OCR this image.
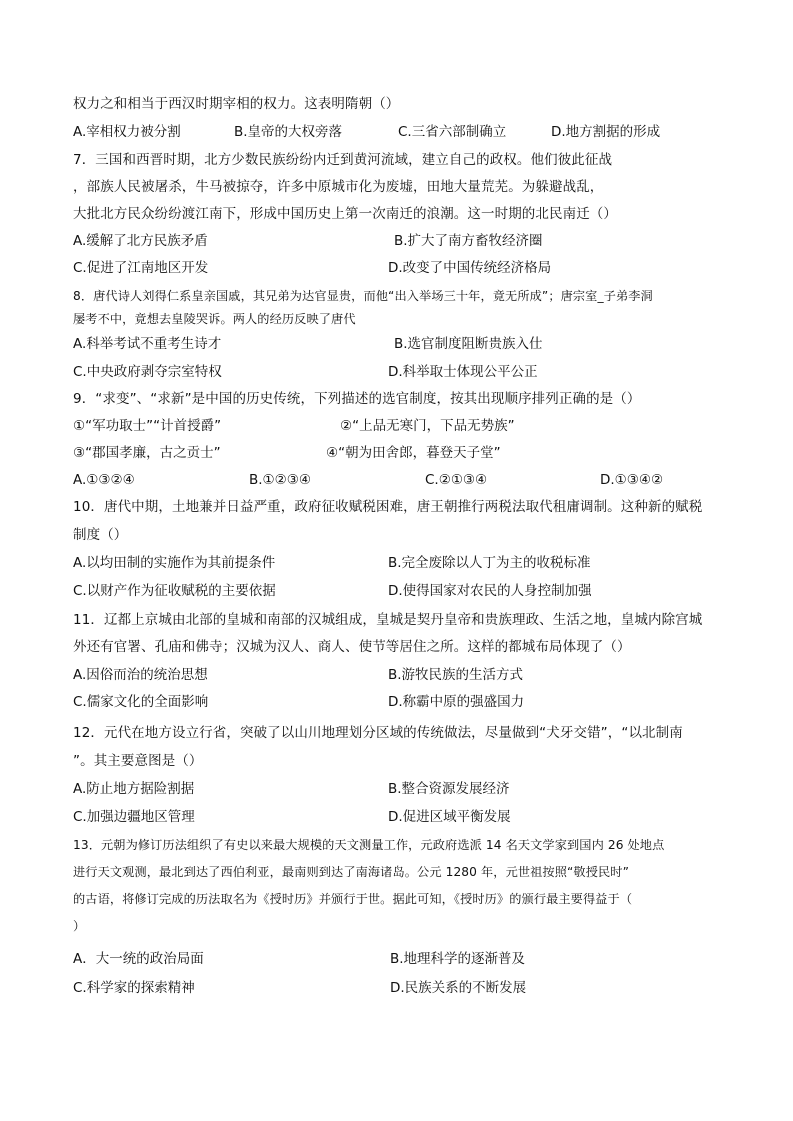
权力之和相当于西汉时期宰相的权力。这表明隋朝（）
A.宰相权力被分割	B.皇帝的大权旁落	C.三省六部制确立	D.地方割据的形成
7．三国和西晋时期，北方少数民族纷纷内迁到黄河流域，建立自己的政权。他们彼此征战
，部族人民被屠杀，牛马被掠夺，许多中原城市化为废墟，田地大量荒芜。为躲避战乱，
大批北方民众纷纷渡江南下，形成中国历史上第一次南迁的浪潮。这一时期的北民南迁（）
A.缓解了北方民族矛盾	B.扩大了南方畜牧经济圈
C.促进了江南地区开发	D.改变了中国传统经济格局
8．唐代诗人刘得仁系皇亲国戚，其兄弟为达官显贵，而他“出入举场三十年，竟无所成”；唐宗室_子弟李洞
屡考不中，竟想去皇陵哭诉。两人的经历反映了唐代
A.科举考试不重考生诗才	B.选官制度阻断贵族入仕
C.中央政府剥夺宗室特权	D.科举取士体现公平公正
9．“求变”、“求新”是中国的历史传统，下列描述的选官制度，按其出现顺序排列正确的是（）
①“军功取士”“计首授爵”	②“上品无寒门，下品无势族”
③“郡国孝廉，古之贡士”	④“朝为田舍郎，暮登天子堂”
A.①③②④	B.①②③④	C.②①③④	D.①③④②
10．唐代中期，土地兼并日益严重，政府征收赋税困难，唐王朝推行两税法取代租庸调制。这种新的赋税
制度（）
A.以均田制的实施作为其前提条件	B.完全废除以人丁为主的收税标准
C.以财产作为征收赋税的主要依据	D.使得国家对农民的人身控制加强
11．辽都上京城由北部的皇城和南部的汉城组成，皇城是契丹皇帝和贵族理政、生活之地，皇城内除宫城
外还有官署、孔庙和佛寺；汉城为汉人、商人、使节等居住之所。这样的都城布局体现了（）
A.因俗而治的统治思想	B.游牧民族的生活方式
C.儒家文化的全面影响	D.称霸中原的强盛国力
12．元代在地方设立行省，突破了以山川地理划分区域的传统做法，尽量做到“犬牙交错”，“以北制南
”。其主要意图是（）
A.防止地方据险割据	B.整合资源发展经济
C.加强边疆地区管理	D.促进区域平衡发展
13．元朝为修订历法组织了有史以来最大规模的天文测量工作，元政府选派 14 名天文学家到国内 26 处地点
进行天文观测，最北到达了西伯利亚，最南则到达了南海诸岛。公元 1280 年，元世祖按照“敬授民时”
的古语，将修订完成的历法取名为《授时历》并颁行于世。据此可知，《授时历》的颁行最主要得益于（
）
A．大一统的政治局面	B.地理科学的逐渐普及
C.科学家的探索精神	D.民族关系的不断发展
